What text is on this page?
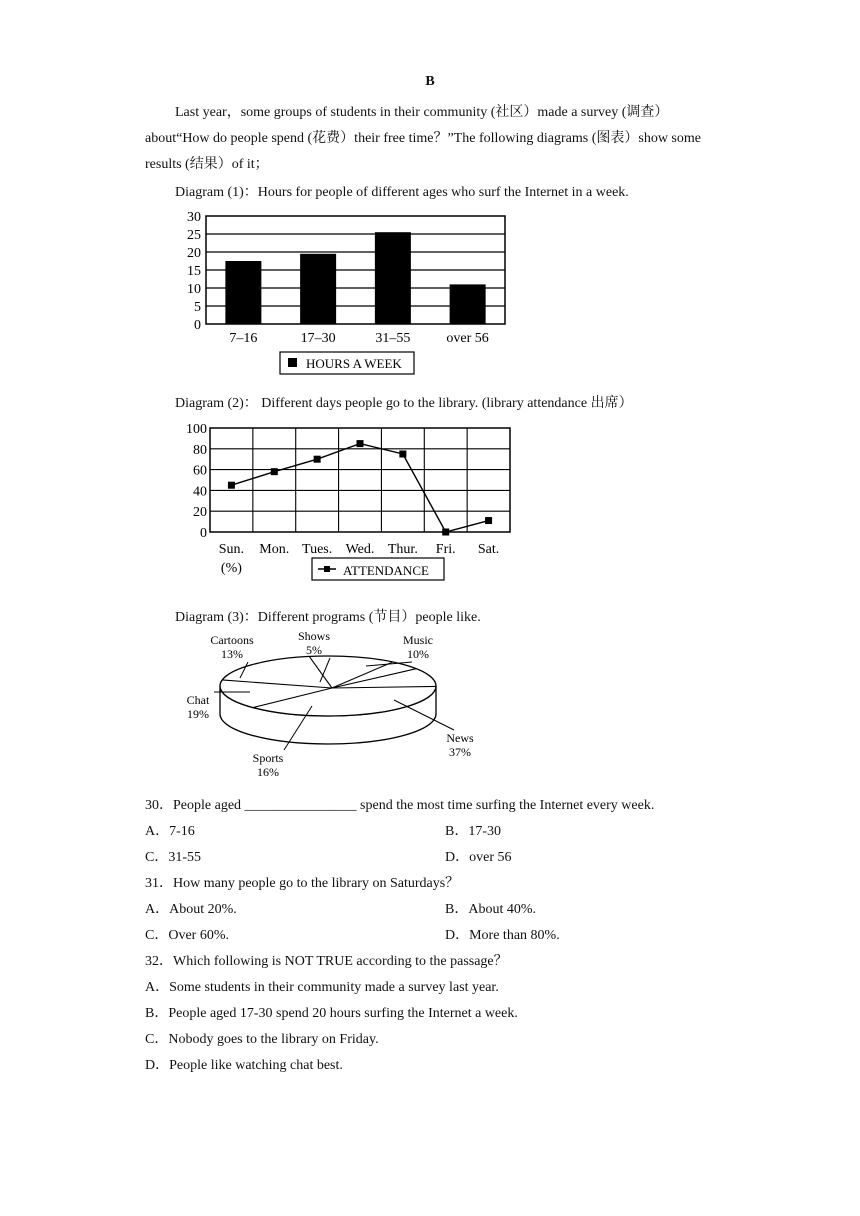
B
Last year，some groups of students in their community (社区）made a survey (调查）about“How do people spend (花费）their free time？”The following diagrams (图表）show some results (结果）of it；
Diagram (1)：Hours for people of different ages who surf the Internet in a week.
30
25
20
15
10
5
0
7–16	17–30	31–55	over 56
HOURS A WEEK
Diagram (2)： Different days people go to the library. (library attendance 出席）
100
80
60
40
20
0
Sun. Mon. Tues. Wed. Thur. Fri. Sat.
(%)	ATTENDANCE
Diagram (3)：Different programs (节目）people like.
Cartoons
13%
Shows
5%
Music
10%
News
37%
Sports
16%
Chat
19%
30．People aged ________________ spend the most time surfing the Internet every week.
A．7-16	B．17-30
C．31-55	D．over 56
31．How many people go to the library on Saturdays？
A．About 20%.	B．About 40%.
C．Over 60%.	D．More than 80%.
32．Which following is NOT TRUE according to the passage？
A．Some students in their community made a survey last year.
B．People aged 17-30 spend 20 hours surfing the Internet a week.
C．Nobody goes to the library on Friday.
D．People like watching chat best.
